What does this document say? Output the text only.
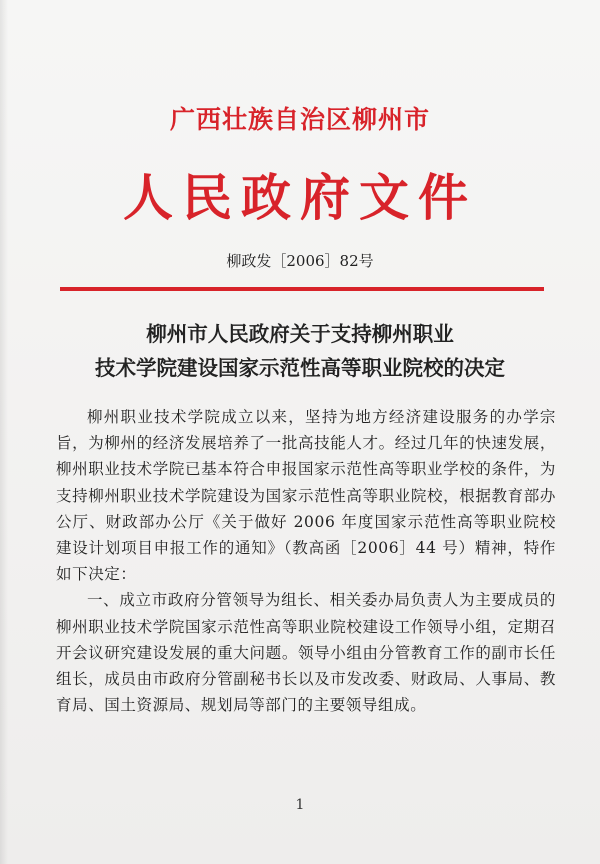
广西壮族自治区柳州市
人民政府文件
柳政发［2006］82号
柳州市人民政府关于支持柳州职业
技术学院建设国家示范性高等职业院校的决定

柳州职业技术学院成立以来，坚持为地方经济建设服务的办学宗旨，为柳州的经济发展培养了一批高技能人才。经过几年的快速发展，柳州职业技术学院已基本符合申报国家示范性高等职业学校的条件，为支持柳州职业技术学院建设为国家示范性高等职业院校，根据教育部办公厅、财政部办公厅《关于做好 2006 年度国家示范性高等职业院校建设计划项目申报工作的通知》（教高函［2006］44 号）精神，特作如下决定：

一、成立市政府分管领导为组长、相关委办局负责人为主要成员的柳州职业技术学院国家示范性高等职业院校建设工作领导小组，定期召开会议研究建设发展的重大问题。领导小组由分管教育工作的副市长任组长，成员由市政府分管副秘书长以及市发改委、财政局、人事局、教育局、国土资源局、规划局等部门的主要领导组成。

1
